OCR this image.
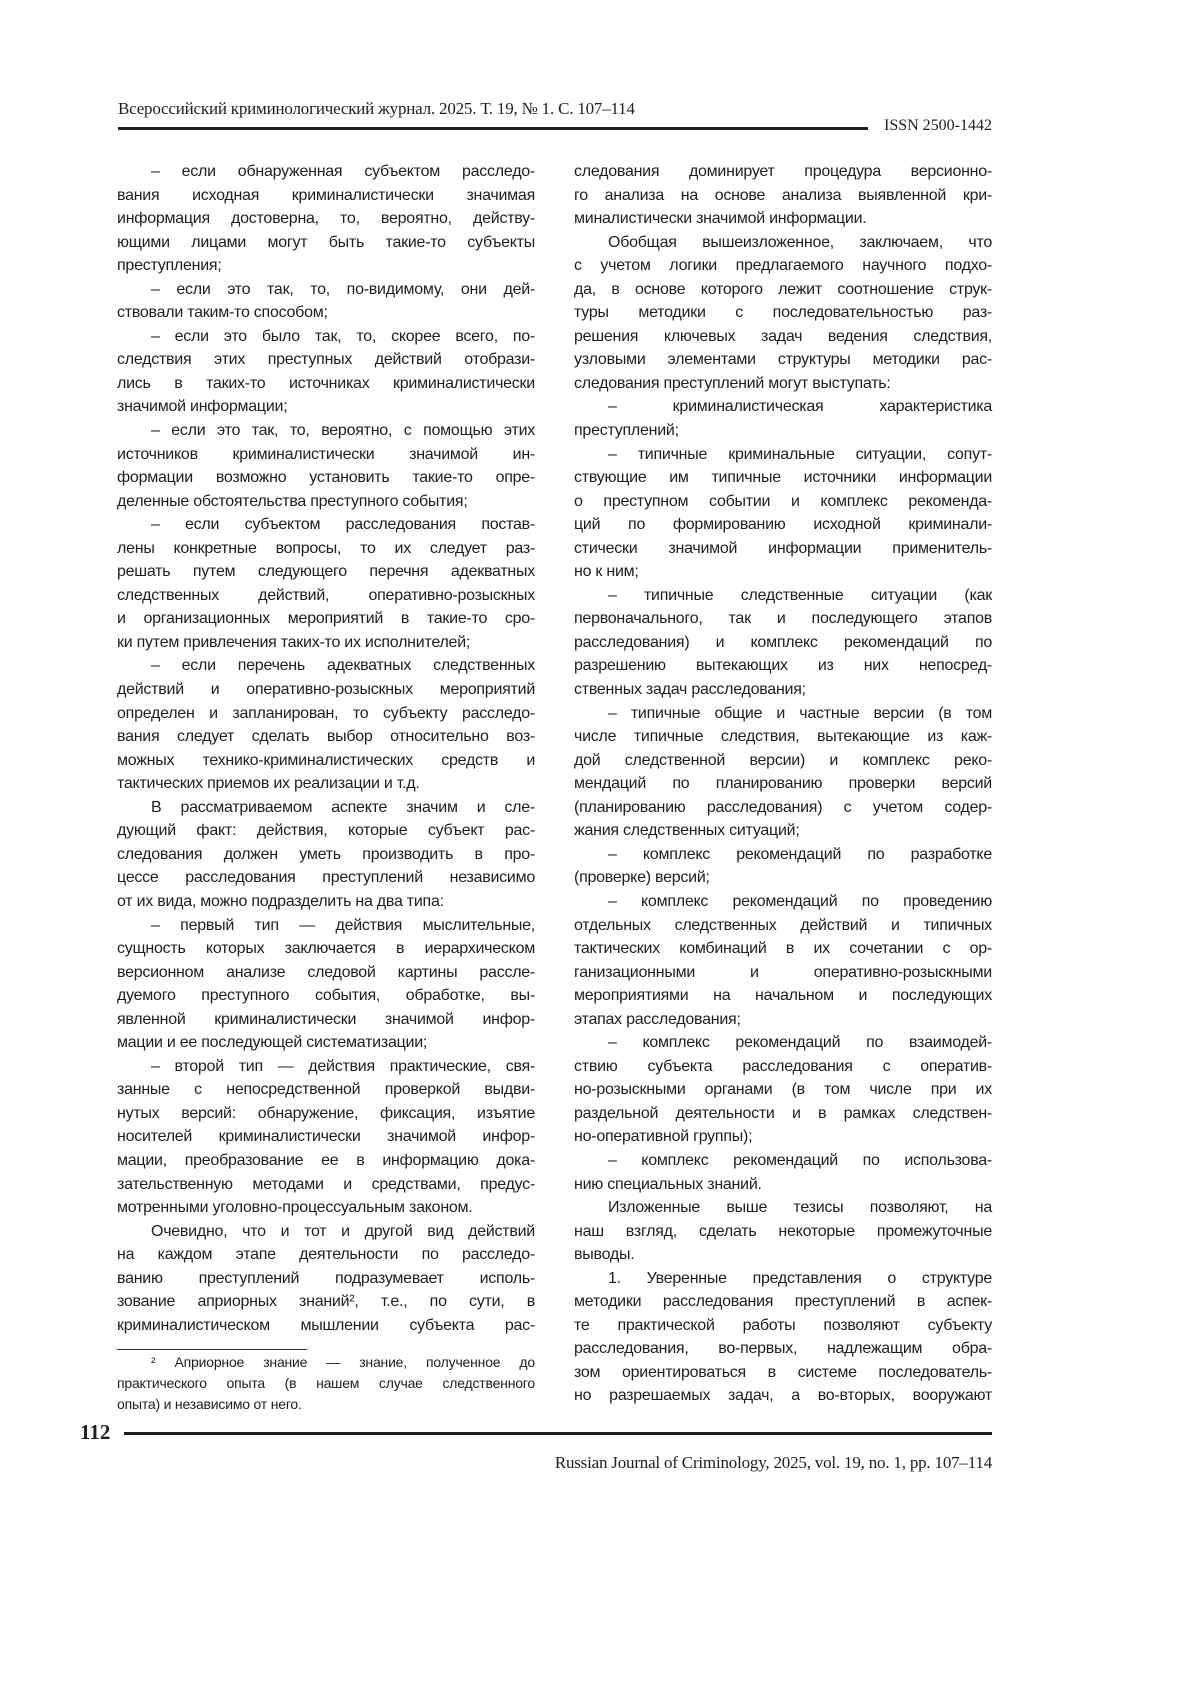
Всероссийский криминологический журнал. 2025. Т. 19, № 1. С. 107–114
ISSN 2500-1442
– если обнаруженная субъектом расследо-
вания исходная криминалистически значимая
информация достоверна, то, вероятно, действу-
ющими лицами могут быть такие-то субъекты
преступления;
– если это так, то, по-видимому, они дей-
ствовали таким-то способом;
– если это было так, то, скорее всего, по-
следствия этих преступных действий отобрази-
лись в таких-то источниках криминалистически
значимой информации;
– если это так, то, вероятно, с помощью этих
источников криминалистически значимой ин-
формации возможно установить такие-то опре-
деленные обстоятельства преступного события;
– если субъектом расследования постав-
лены конкретные вопросы, то их следует раз-
решать путем следующего перечня адекватных
следственных действий, оперативно-розыскных
и организационных мероприятий в такие-то сро-
ки путем привлечения таких-то их исполнителей;
– если перечень адекватных следственных
действий и оперативно-розыскных мероприятий
определен и запланирован, то субъекту расследо-
вания следует сделать выбор относительно воз-
можных технико-криминалистических средств и
тактических приемов их реализации и т.д.
В рассматриваемом аспекте значим и сле-
дующий факт: действия, которые субъект рас-
следования должен уметь производить в про-
цессе расследования преступлений независимо
от их вида, можно подразделить на два типа:
– первый тип — действия мыслительные,
сущность которых заключается в иерархическом
версионном анализе следовой картины рассле-
дуемого преступного события, обработке, вы-
явленной криминалистически значимой инфор-
мации и ее последующей систематизации;
– второй тип — действия практические, свя-
занные с непосредственной проверкой выдви-
нутых версий: обнаружение, фиксация, изъятие
носителей криминалистически значимой инфор-
мации, преобразование ее в информацию дока-
зательственную методами и средствами, предус-
мотренными уголовно-процессуальным законом.
Очевидно, что и тот и другой вид действий
на каждом этапе деятельности по расследо-
ванию преступлений подразумевает исполь-
зование априорных знаний², т.е., по сути, в
криминалистическом мышлении субъекта рас-
следования доминирует процедура версионно-
го анализа на основе анализа выявленной кри-
миналистически значимой информации.
Обобщая вышеизложенное, заключаем, что
с учетом логики предлагаемого научного подхо-
да, в основе которого лежит соотношение струк-
туры методики с последовательностью раз-
решения ключевых задач ведения следствия,
узловыми элементами структуры методики рас-
следования преступлений могут выступать:
– криминалистическая характеристика
преступлений;
– типичные криминальные ситуации, сопут-
ствующие им типичные источники информации
о преступном событии и комплекс рекоменда-
ций по формированию исходной криминали-
стически значимой информации применитель-
но к ним;
– типичные следственные ситуации (как
первоначального, так и последующего этапов
расследования) и комплекс рекомендаций по
разрешению вытекающих из них непосред-
ственных задач расследования;
– типичные общие и частные версии (в том
числе типичные следствия, вытекающие из каж-
дой следственной версии) и комплекс реко-
мендаций по планированию проверки версий
(планированию расследования) с учетом содер-
жания следственных ситуаций;
– комплекс рекомендаций по разработке
(проверке) версий;
– комплекс рекомендаций по проведению
отдельных следственных действий и типичных
тактических комбинаций в их сочетании с ор-
ганизационными и оперативно-розыскными
мероприятиями на начальном и последующих
этапах расследования;
– комплекс рекомендаций по взаимодей-
ствию субъекта расследования с оператив-
но-розыскными органами (в том числе при их
раздельной деятельности и в рамках следствен-
но-оперативной группы);
– комплекс рекомендаций по использова-
нию специальных знаний.
Изложенные выше тезисы позволяют, на
наш взгляд, сделать некоторые промежуточные
выводы.
1. Уверенные представления о структуре
методики расследования преступлений в аспек-
те практической работы позволяют субъекту
расследования, во-первых, надлежащим обра-
зом ориентироваться в системе последователь-
но разрешаемых задач, а во-вторых, вооружают
² Априорное знание — знание, полученное до
практического опыта (в нашем случае следственного
опыта) и независимо от него.
112
Russian Journal of Criminology, 2025, vol. 19, no. 1, pp. 107–114
